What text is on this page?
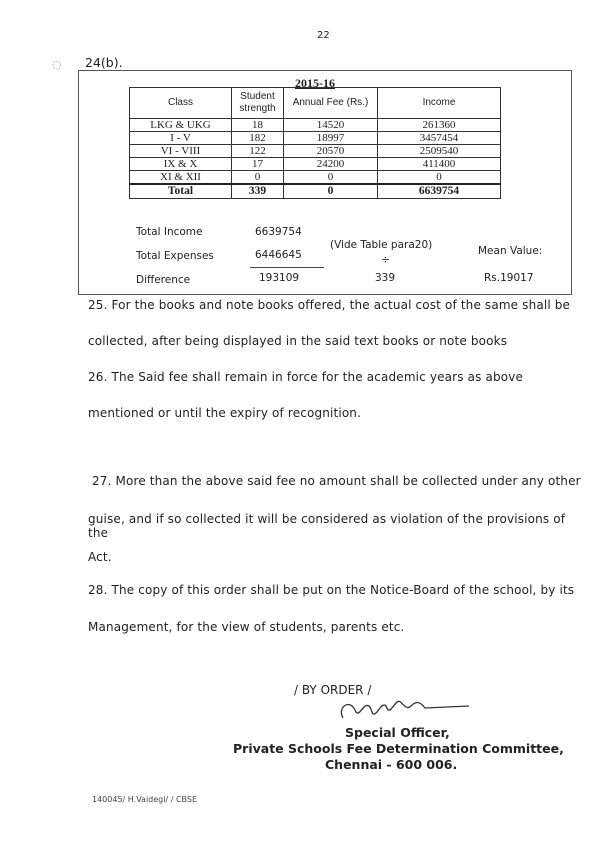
22
◌ 24(b).
2015-16
Class	Student strength	Annual Fee (Rs.)	Income
LKG & UKG	18	14520	261360
I - V	182	18997	3457454
VI - VIII	122	20570	2509540
IX & X	17	24200	411400
XI & XII	0	0	0
Total	339	0	6639754
Total Income	6639754
Total Expenses	6446645
Difference	193109
(Vide Table para20)
÷
339
Mean Value:
Rs.19017
25. For the books and note books offered, the actual cost of the same shall be
collected, after being displayed in the said text books or note books
26. The Said fee shall remain in force for the academic years as above
mentioned or until the expiry of recognition.
27. More than the above said fee no amount shall be collected under any other
guise, and if so collected it will be considered as violation of the provisions of the
Act.
28. The copy of this order shall be put on the Notice-Board of the school, by its
Management, for the view of students, parents etc.
/ BY ORDER /
Special Officer,
Private Schools Fee Determination Committee,
Chennai - 600 006.
140045/ H.Vaidegi/ / CBSE
